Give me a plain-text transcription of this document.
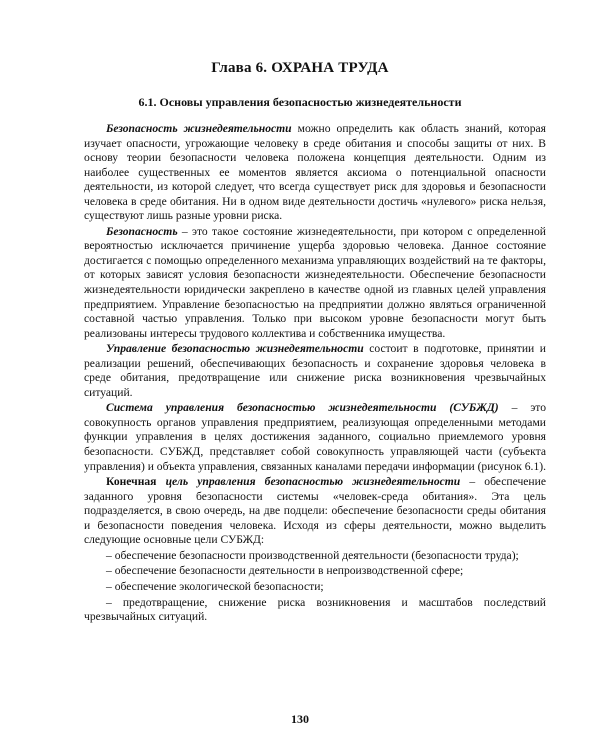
Глава 6. ОХРАНА ТРУДА
6.1. Основы управления безопасностью жизнедеятельности

Безопасность жизнедеятельности можно определить как область знаний, которая изучает опасности, угрожающие человеку в среде обитания и способы защиты от них. В основу теории безопасности человека положена концепция деятельности. Одним из наиболее существенных ее моментов является аксиома о потенциальной опасности деятельности, из которой следует, что всегда существует риск для здоровья и безопасности человека в среде обитания. Ни в одном виде деятельности достичь «нулевого» риска нельзя, существуют лишь разные уровни риска.

Безопасность – это такое состояние жизнедеятельности, при котором с определенной вероятностью исключается причинение ущерба здоровью человека. Данное состояние достигается с помощью определенного механизма управляющих воздействий на те факторы, от которых зависят условия безопасности жизнедеятельности. Обеспечение безопасности жизнедеятельности юридически закреплено в качестве одной из главных целей управления предприятием. Управление безопасностью на предприятии должно являться ограниченной составной частью управления. Только при высоком уровне безопасности могут быть реализованы интересы трудового коллектива и собственника имущества.

Управление безопасностью жизнедеятельности состоит в подготовке, принятии и реализации решений, обеспечивающих безопасность и сохранение здоровья человека в среде обитания, предотвращение или снижение риска возникновения чрезвычайных ситуаций.

Система управления безопасностью жизнедеятельности (СУБЖД) – это совокупность органов управления предприятием, реализующая определенными методами функции управления в целях достижения заданного, социально приемлемого уровня безопасности. СУБЖД, представляет собой совокупность управляющей части (субъекта управления) и объекта управления, связанных каналами передачи информации (рисунок 6.1).

Конечная цель управления безопасностью жизнедеятельности – обеспечение заданного уровня безопасности системы «человек-среда обитания». Эта цель подразделяется, в свою очередь, на две подцели: обеспечение безопасности среды обитания и безопасности поведения человека. Исходя из сферы деятельности, можно выделить следующие основные цели СУБЖД:

– обеспечение безопасности производственной деятельности (безопасности труда);

– обеспечение безопасности деятельности в непроизводственной сфере;

– обеспечение экологической безопасности;

– предотвращение, снижение риска возникновения и масштабов последствий чрезвычайных ситуаций.

130
